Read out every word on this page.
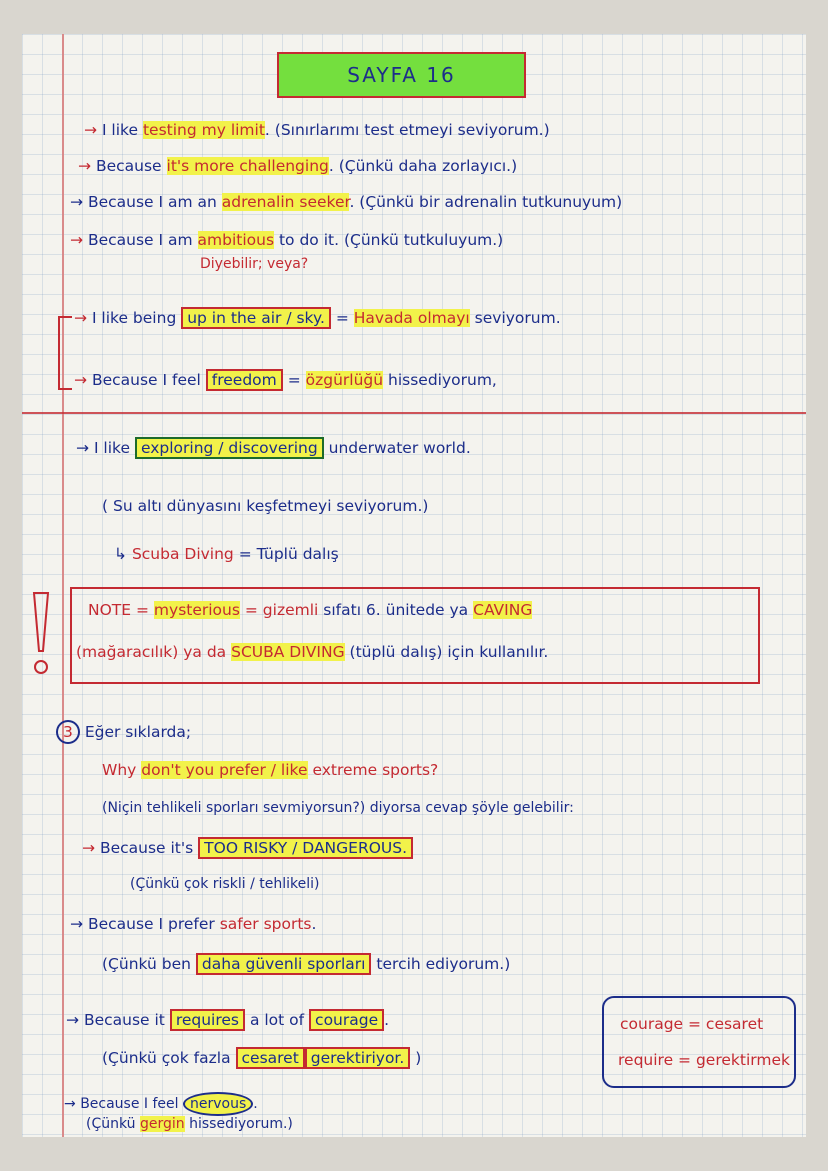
SAYFA 16
→ I like testing my limit. (Sınırlarımı test etmeyi seviyorum.)
→ Because it's more challenging. (Çünkü daha zorlayıcı.)
→ Because I am an adrenalin seeker. (Çünkü bir adrenalin tutkunuyum)
→ Because I am ambitious to do it. (Çünkü tutkuluyum.)
Diyebilir; veya?
→ I like being up in the air / sky. = Havada olmayı seviyorum.
→ Because I feel freedom = özgürlüğü hissediyorum,
→ I like exploring / discovering underwater world.
( Su altı dünyasını keşfetmeyi seviyorum.)
↳ Scuba Diving = Tüplü dalış
NOTE = mysterious = gizemli sıfatı 6. ünitede ya CAVING
(mağaracılık) ya da SCUBA DIVING (tüplü dalış) için kullanılır.
3 Eğer sıklarda;
Why don't you prefer / like extreme sports?
(Niçin tehlikeli sporları sevmiyorsun?) diyorsa cevap şöyle gelebilir:
→ Because it's TOO RISKY / DANGEROUS.
(Çünkü çok riskli / tehlikeli)
→ Because I prefer safer sports.
(Çünkü ben daha güvenli sporları tercih ediyorum.)
→ Because it requires a lot of courage .
(Çünkü çok fazla cesaret gerektiriyor. )
courage = cesaret
require = gerektirmek
→ Because I feel nervous .
(Çünkü gergin hissediyorum.)
